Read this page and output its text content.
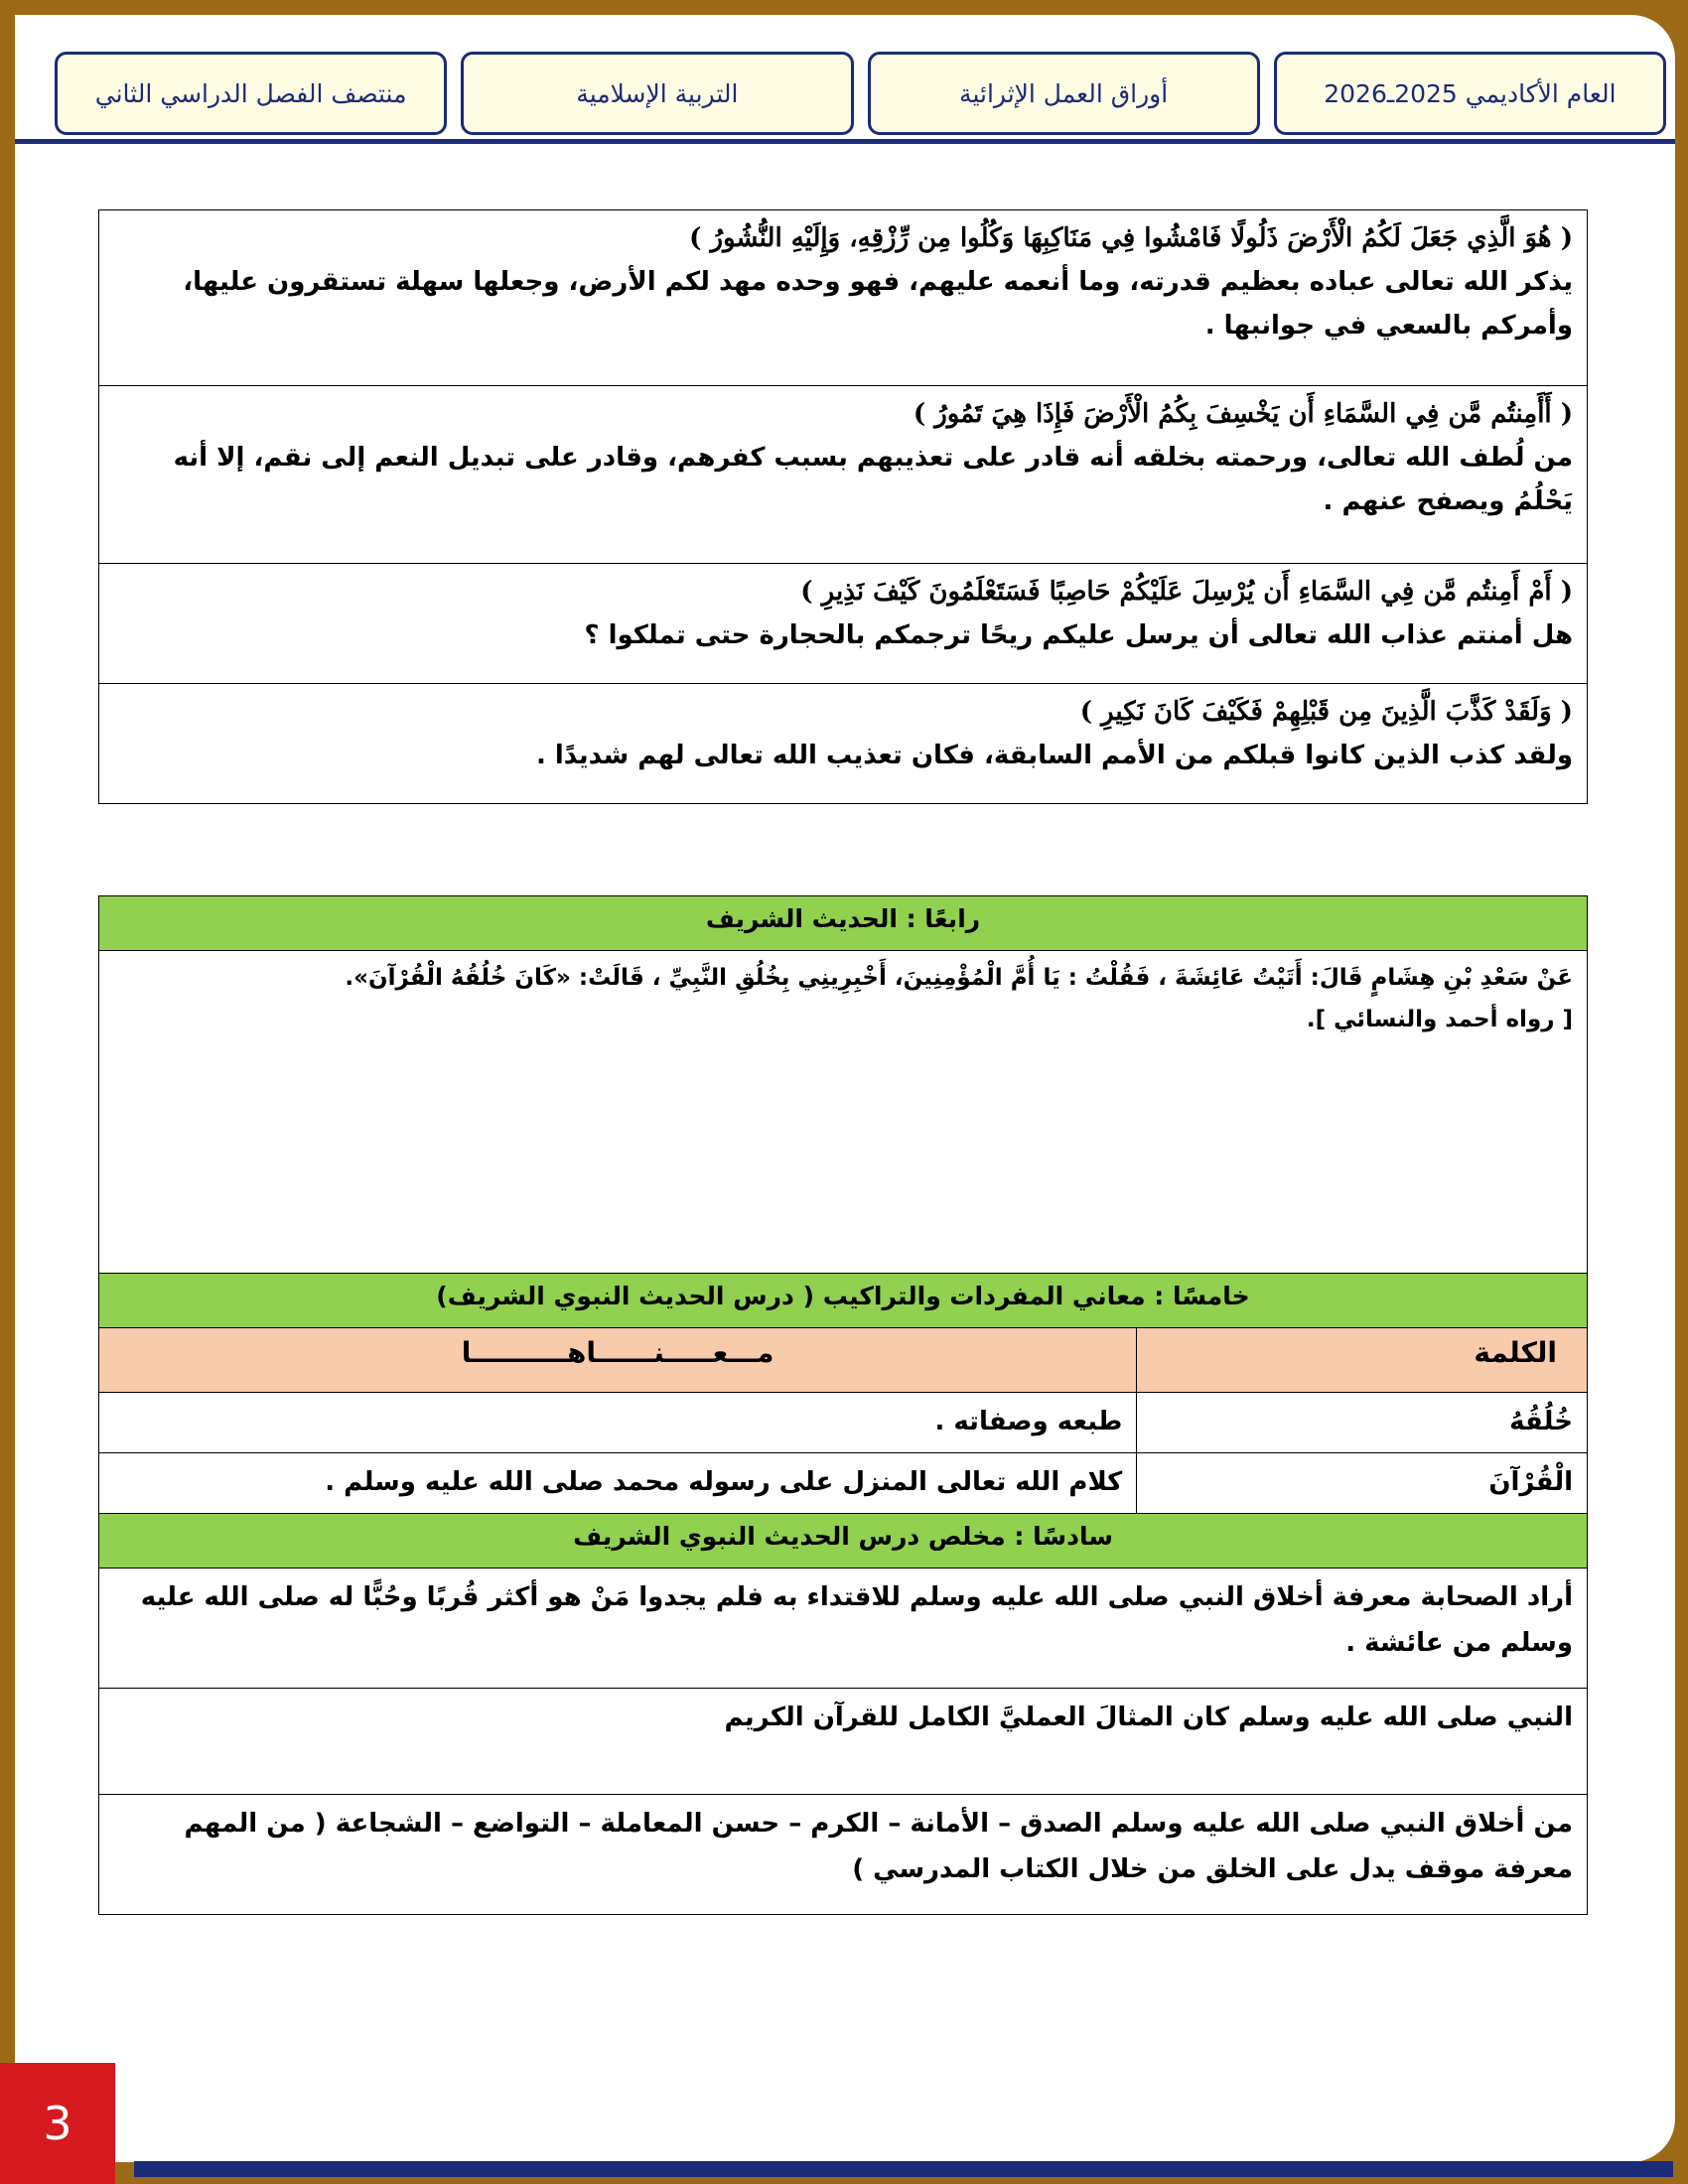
3
العام الأكاديمي 2025ـ2026
أوراق العمل الإثرائية
التربية الإسلامية
منتصف الفصل الدراسي الثاني

( هُوَ الَّذِي جَعَلَ لَكُمُ الْأَرْضَ ذَلُولًا فَامْشُوا فِي مَنَاكِبِهَا وَكُلُوا مِن رِّزْقِهِ، وَإِلَيْهِ النُّشُورُ )

يذكر الله تعالى عباده بعظيم قدرته، وما أنعمه عليهم، فهو وحده مهد لكم الأرض، وجعلها سهلة تستقرون عليها، وأمركم بالسعي في جوانبها .

( أَأَمِنتُم مَّن فِي السَّمَاءِ أَن يَخْسِفَ بِكُمُ الْأَرْضَ فَإِذَا هِيَ تَمُورُ )

من لُطف الله تعالى، ورحمته بخلقه أنه قادر على تعذيبهم بسبب كفرهم، وقادر على تبديل النعم إلى نقم، إلا أنه يَحْلُمُ ويصفح عنهم .

( أَمْ أَمِنتُم مَّن فِي السَّمَاءِ أَن يُرْسِلَ عَلَيْكُمْ حَاصِبًا فَسَتَعْلَمُونَ كَيْفَ نَذِيرِ )

هل أمنتم عذاب الله تعالى أن يرسل عليكم ريحًا ترجمكم بالحجارة حتى تملكوا ؟

( وَلَقَدْ كَذَّبَ الَّذِينَ مِن قَبْلِهِمْ فَكَيْفَ كَانَ نَكِيرِ )

ولقد كذب الذين كانوا قبلكم من الأمم السابقة، فكان تعذيب الله تعالى لهم شديدًا .

رابعًا : الحديث الشريف	

عَنْ سَعْدِ بْنِ هِشَامٍ قَالَ: أَتَيْتُ عَائِشَةَ ، فَقُلْتُ : يَا أُمَّ الْمُؤْمِنِينَ، أَخْبِرِينِي بِخُلُقِ النَّبِيِّ ، قَالَتْ: «كَانَ خُلُقُهُ الْقُرْآنَ».

[ رواه أحمد والنسائي ].	

خامسًا : معاني المفردات والتراكيب ( درس الحديث النبوي الشريف)	
الكلمة	مـــعـــــنــــــاهــــــــــا
خُلُقُهُ	طبعه وصفاته .
الْقُرْآنَ	كلام الله تعالى المنزل على رسوله محمد صلى الله عليه وسلم .
سادسًا : مخلص درس الحديث النبوي الشريف	
أراد الصحابة معرفة أخلاق النبي صلى الله عليه وسلم للاقتداء به فلم يجدوا مَنْ هو أكثر قُربًا وحُبًّا له صلى الله عليه وسلم من عائشة .	
النبي صلى الله عليه وسلم كان المثالَ العمليَّ الكامل للقرآن الكريم	
من أخلاق النبي صلى الله عليه وسلم الصدق – الأمانة – الكرم – حسن المعاملة – التواضع – الشجاعة ( من المهم معرفة موقف يدل على الخلق من خلال الكتاب المدرسي )	
